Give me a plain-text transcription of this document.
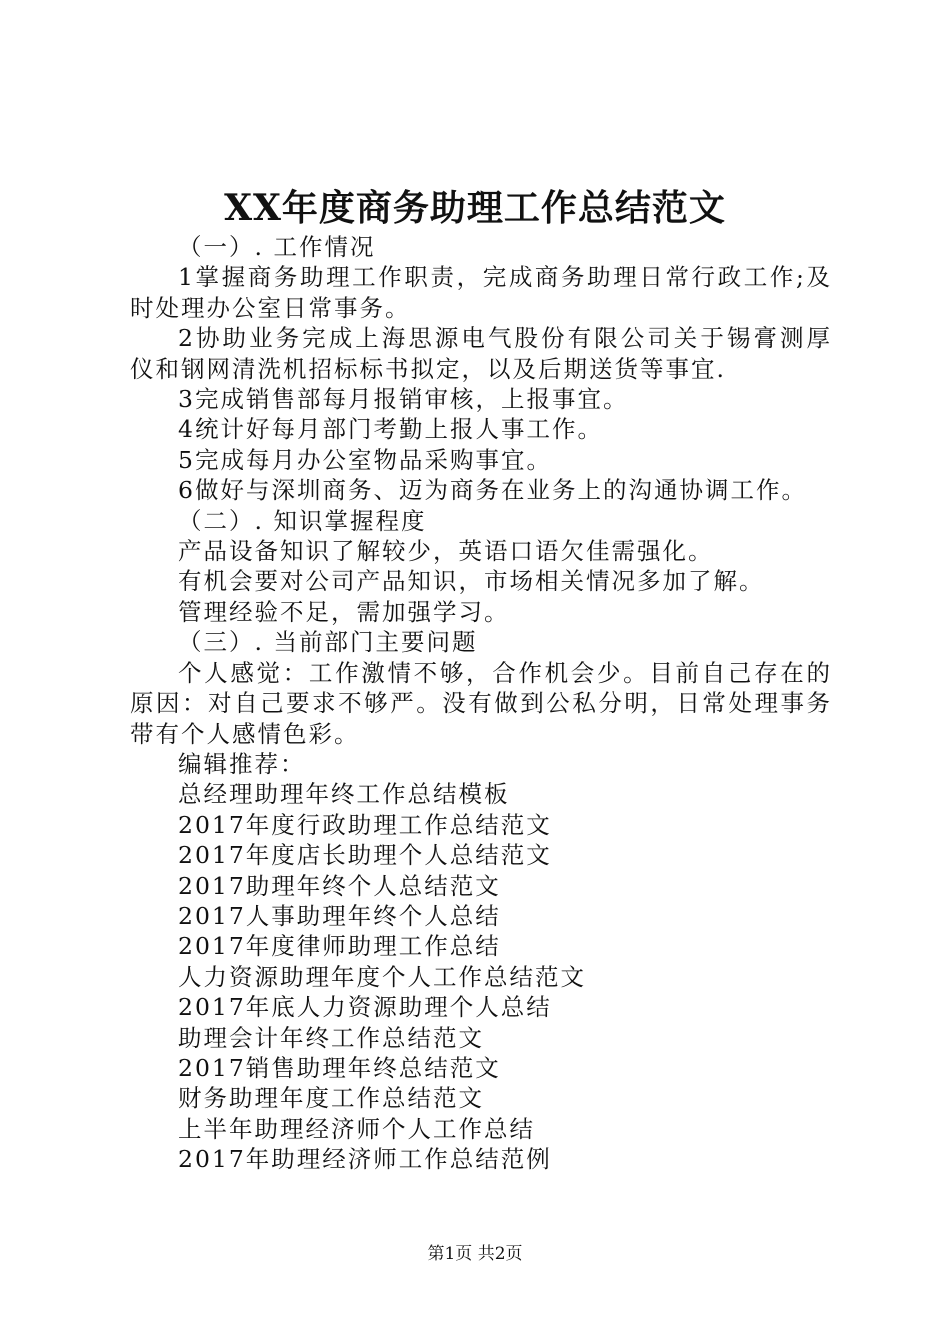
XX年度商务助理工作总结范文

（一）. 工作情况

1掌握商务助理工作职责，完成商务助理日常行政工作;及时处理办公室日常事务。

2协助业务完成上海思源电气股份有限公司关于锡膏测厚仪和钢网清洗机招标标书拟定，以及后期送货等事宜.

3完成销售部每月报销审核，上报事宜。

4统计好每月部门考勤上报人事工作。

5完成每月办公室物品采购事宜。

6做好与深圳商务、迈为商务在业务上的沟通协调工作。

（二）. 知识掌握程度

产品设备知识了解较少，英语口语欠佳需强化。

有机会要对公司产品知识，市场相关情况多加了解。

管理经验不足，需加强学习。

（三）. 当前部门主要问题

个人感觉：工作激情不够，合作机会少。目前自己存在的原因：对自己要求不够严。没有做到公私分明，日常处理事务带有个人感情色彩。

编辑推荐：

总经理助理年终工作总结模板
2017年度行政助理工作总结范文
2017年度店长助理个人总结范文
2017助理年终个人总结范文
2017人事助理年终个人总结
2017年度律师助理工作总结
人力资源助理年度个人工作总结范文
2017年底人力资源助理个人总结
助理会计年终工作总结范文
2017销售助理年终总结范文
财务助理年度工作总结范文
上半年助理经济师个人工作总结
2017年助理经济师工作总结范例
第1页 共2页
